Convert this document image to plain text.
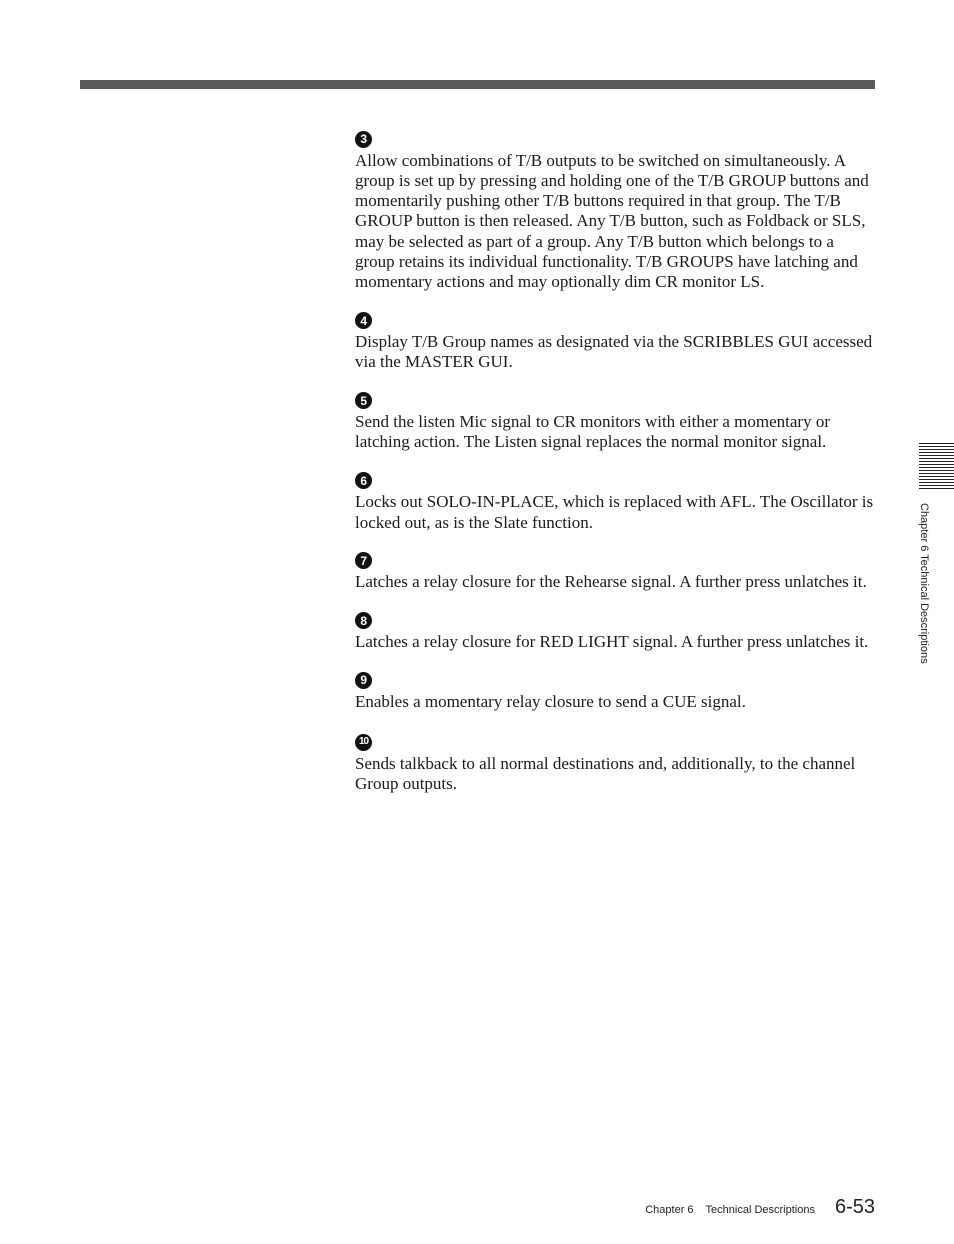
3

Allow combinations of T/B outputs to be switched on simultaneously. A group is set up by pressing and holding one of the T/B GROUP buttons and momentarily pushing other T/B buttons required in that group. The T/B GROUP button is then released. Any T/B button, such as Foldback or SLS, may be selected as part of a group. Any T/B button which belongs to a group retains its individual functionality. T/B GROUPS have latching and momentary actions and may optionally dim CR monitor LS.

4

Display T/B Group names as designated via the SCRIBBLES GUI accessed via the MASTER GUI.

5

Send the listen Mic signal to CR monitors with either a momentary or latching action. The Listen signal replaces the normal monitor signal.

6

Locks out SOLO-IN-PLACE, which is replaced with AFL. The Oscillator is locked out, as is the Slate function.

7

Latches a relay closure for the Rehearse signal. A further press unlatches it.

8

Latches a relay closure for RED LIGHT signal. A further press unlatches it.

9

Enables a momentary relay closure to send a CUE signal.

10

Sends talkback to all normal destinations and, additionally, to the channel Group outputs.

Chapter 6 Technical Descriptions
Chapter 6 Technical Descriptions 6-53
